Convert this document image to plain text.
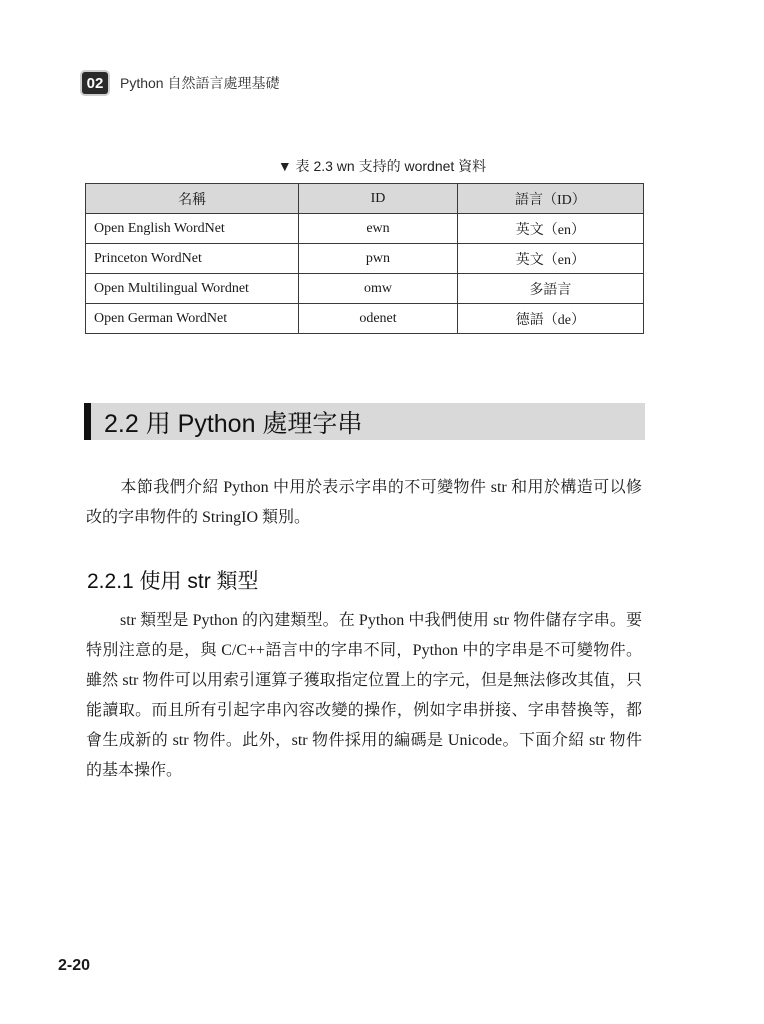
02	Python 自然語言處理基礎
▼ 表 2.3 wn 支持的 wordnet 資料
名稱	ID	語言（ID）
Open English WordNet	ewn	英文（en）
Princeton WordNet	pwn	英文（en）
Open Multilingual Wordnet	omw	多語言
Open German WordNet	odenet	德語（de）
2.2 用 Python 處理字串

本節我們介紹 Python 中用於表示字串的不可變物件 str 和用於構造可以修改的字串物件的 StringIO 類別。

2.2.1 使用 str 類型

str 類型是 Python 的內建類型。在 Python 中我們使用 str 物件儲存字串。要特別注意的是，與 C/C++語言中的字串不同，Python 中的字串是不可變物件。雖然 str 物件可以用索引運算子獲取指定位置上的字元，但是無法修改其值，只能讀取。而且所有引起字串內容改變的操作，例如字串拼接、字串替換等，都會生成新的 str 物件。此外，str 物件採用的編碼是 Unicode。下面介紹 str 物件的基本操作。

2-20
